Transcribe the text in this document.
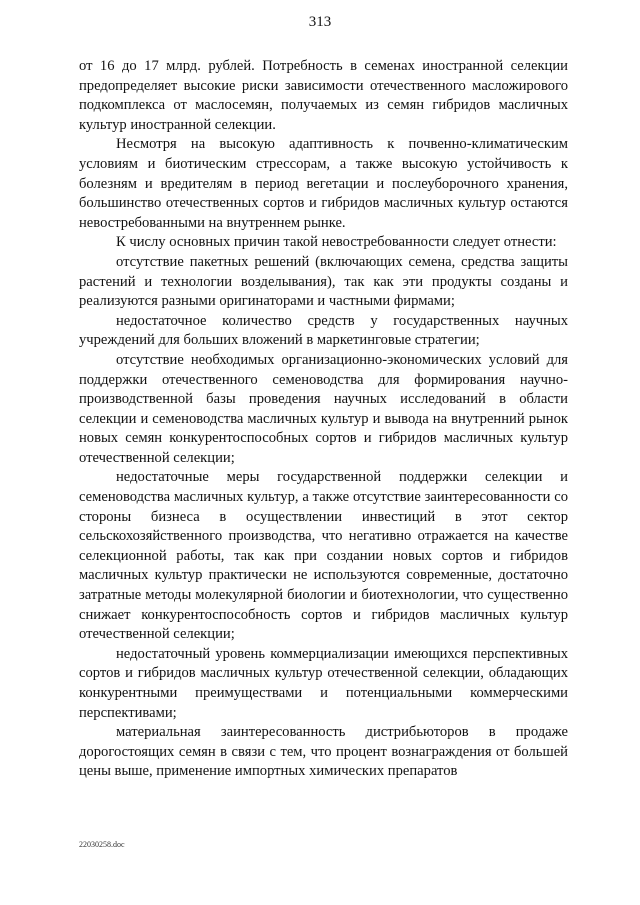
313

от 16 до 17 млрд. рублей. Потребность в семенах иностранной селекции предопределяет высокие риски зависимости отечественного масложирового подкомплекса от маслосемян, получаемых из семян гибридов масличных культур иностранной селекции.

Несмотря на высокую адаптивность к почвенно-климатическим условиям и биотическим стрессорам, а также высокую устойчивость к болезням и вредителям в период вегетации и послеуборочного хранения, большинство отечественных сортов и гибридов масличных культур остаются невостребованными на внутреннем рынке.

К числу основных причин такой невостребованности следует отнести:

отсутствие пакетных решений (включающих семена, средства защиты растений и технологии возделывания), так как эти продукты созданы и реализуются разными оригинаторами и частными фирмами;

недостаточное количество средств у государственных научных учреждений для больших вложений в маркетинговые стратегии;

отсутствие необходимых организационно-экономических условий для поддержки отечественного семеноводства для формирования научно-производственной базы проведения научных исследований в области селекции и семеноводства масличных культур и вывода на внутренний рынок новых семян конкурентоспособных сортов и гибридов масличных культур отечественной селекции;

недостаточные меры государственной поддержки селекции и семеноводства масличных культур, а также отсутствие заинтересованности со стороны бизнеса в осуществлении инвестиций в этот сектор сельскохозяйственного производства, что негативно отражается на качестве селекционной работы, так как при создании новых сортов и гибридов масличных культур практически не используются современные, достаточно затратные методы молекулярной биологии и биотехнологии, что существенно снижает конкурентоспособность сортов и гибридов масличных культур отечественной селекции;

недостаточный уровень коммерциализации имеющихся перспективных сортов и гибридов масличных культур отечественной селекции, обладающих конкурентными преимуществами и потенциальными коммерческими перспективами;

материальная заинтересованность дистрибьюторов в продаже дорогостоящих семян в связи с тем, что процент вознаграждения от большей цены выше, применение импортных химических препаратов

22030258.doc
